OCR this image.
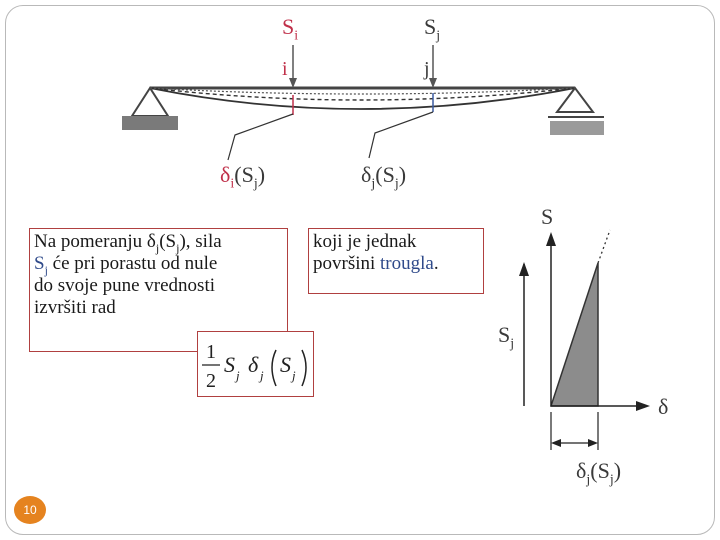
$S_i$	$S_j$
i	j
$\delta_i(S_j)$	$\delta_j(S_j)$
Na pomeranju $\delta_j(S_j)$, sila
$S_j$ će pri porastu od nule
do svoje pune vrednosti
izvršiti rad
1
2
S j δ j S j
koji je jednak
površini trougla.
S
δ
$S_j$
$\delta_j(S_j)$
10
